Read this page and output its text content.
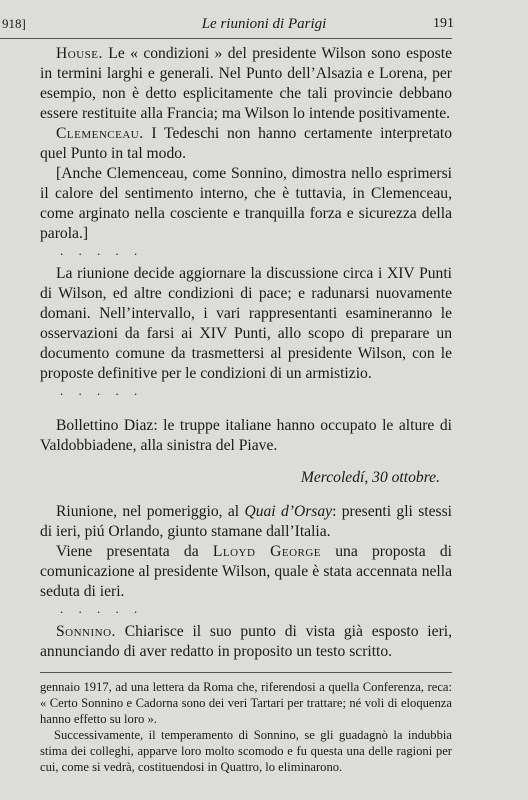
918]	Le riunioni di Parigi	191

House. Le « condizioni » del presidente Wilson sono esposte in termini larghi e generali. Nel Punto dell’Alsazia e Lorena, per esempio, non è detto esplicitamente che tali provincie debbano essere restituite alla Francia; ma Wilson lo intende positivamente.

Clemenceau. I Tedeschi non hanno certamente interpretato quel Punto in tal modo.

[Anche Clemenceau, come Sonnino, dimostra nello esprimersi il calore del sentimento interno, che è tuttavia, in Clemenceau, come arginato nella cosciente e tranquilla forza e sicurezza della parola.]

. . . . .

La riunione decide aggiornare la discussione circa i XIV Punti di Wilson, ed altre condizioni di pace; e radunarsi nuovamente domani. Nell’intervallo, i vari rappresentanti esamineranno le osservazioni da farsi ai XIV Punti, allo scopo di preparare un documento comune da trasmettersi al presidente Wilson, con le proposte definitive per le condizioni di un armistizio.

. . . . .

Bollettino Diaz: le truppe italiane hanno occupato le alture di Valdobbiadene, alla sinistra del Piave.

Mercoledí, 30 ottobre.

Riunione, nel pomeriggio, al Quai d’Orsay: presenti gli stessi di ieri, piú Orlando, giunto stamane dall’Italia.

Viene presentata da Lloyd George una proposta di comunicazione al presidente Wilson, quale è stata accennata nella seduta di ieri.

. . . . .

Sonnino. Chiarisce il suo punto di vista già esposto ieri, annunciando di aver redatto in proposito un testo scritto.

gennaio 1917, ad una lettera da Roma che, riferendosi a quella Conferenza, reca: « Certo Sonnino e Cadorna sono dei veri Tartari per trattare; né voli di eloquenza hanno effetto su loro ».

Successivamente, il temperamento di Sonnino, se gli guadagnò la indubbia stima dei colleghi, apparve loro molto scomodo e fu questa una delle ragioni per cui, come si vedrà, costituendosi in Quattro, lo eliminarono.
